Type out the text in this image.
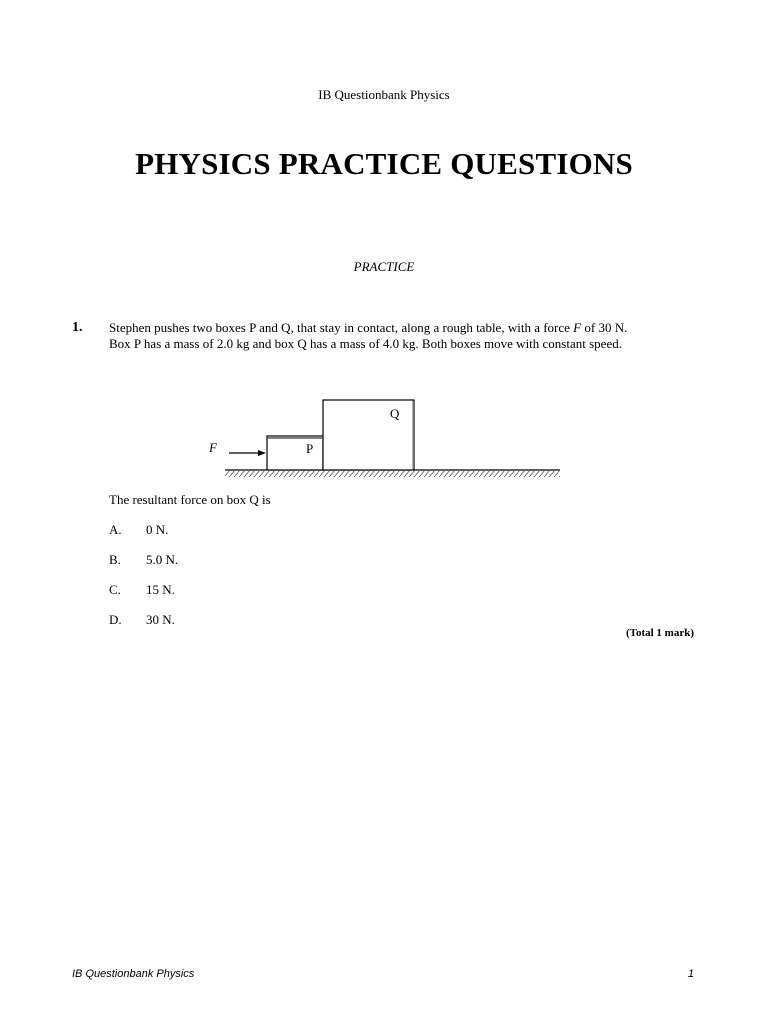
IB Questionbank Physics
PHYSICS PRACTICE QUESTIONS
PRACTICE
1. Stephen pushes two boxes P and Q, that stay in contact, along a rough table, with a force F of 30 N.

Box P has a mass of 2.0 kg and box Q has a mass of 4.0 kg. Both boxes move with constant speed.

F	P
Q
The resultant force on box Q is
A. 0 N.
B. 5.0 N.
C. 15 N.
D. 30 N.
(Total 1 mark)
IB Questionbank Physics	1
